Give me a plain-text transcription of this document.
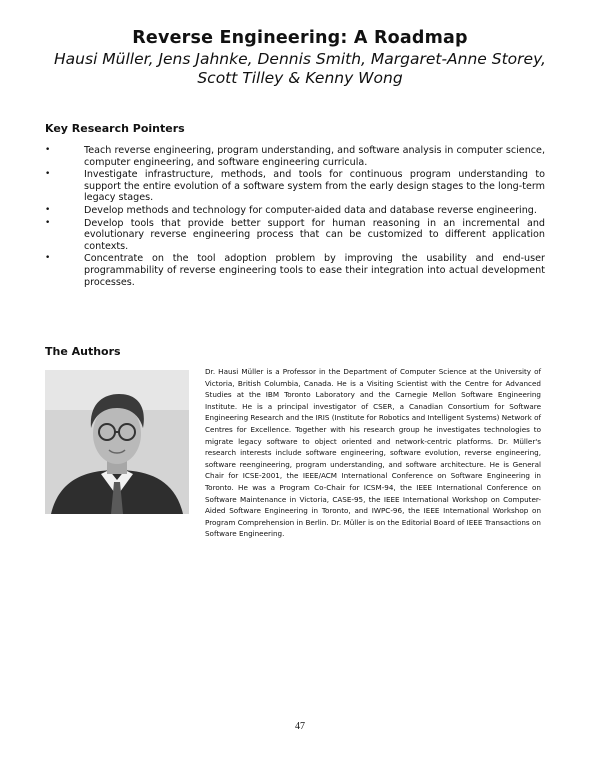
Reverse Engineering: A Roadmap
Hausi Müller, Jens Jahnke, Dennis Smith, Margaret-Anne Storey,
Scott Tilley & Kenny Wong
Key Research Pointers
•	Teach reverse engineering, program understanding, and software analysis in computer science, computer engineering, and software engineering curricula.
•	Investigate infrastructure, methods, and tools for continuous program understanding to support the entire evolution of a software system from the early design stages to the long-term legacy stages.
•	Develop methods and technology for computer-aided data and database reverse engineering.
•	Develop tools that provide better support for human reasoning in an incremental and evolutionary reverse engineering process that can be customized to different application contexts.
•	Concentrate on the tool adoption problem by improving the usability and end-user programmability of reverse engineering tools to ease their integration into actual development processes.
The Authors

Dr. Hausi Müller is a Professor in the Department of Computer Science at the University of Victoria, British Columbia, Canada. He is a Visiting Scientist with the Centre for Advanced Studies at the IBM Toronto Laboratory and the Carnegie Mellon Software Engineering Institute. He is a principal investigator of CSER, a Canadian Consortium for Software Engineering Research and the IRIS (Institute for Robotics and Intelligent Systems) Network of Centres for Excellence. Together with his research group he investigates technologies to migrate legacy software to object oriented and network-centric platforms. Dr. Müller's research interests include software engineering, software evolution, reverse engineering, software reengineering, program understanding, and software architecture. He is General Chair for ICSE-2001, the IEEE/ACM International Conference on Software Engineering in Toronto. He was a Program Co-Chair for ICSM-94, the IEEE International Conference on Software Maintenance in Victoria, CASE-95, the IEEE International Workshop on Computer-Aided Software Engineering in Toronto, and IWPC-96, the IEEE International Workshop on Program Comprehension in Berlin. Dr. Müller is on the Editorial Board of IEEE Transactions on Software Engineering.

47
